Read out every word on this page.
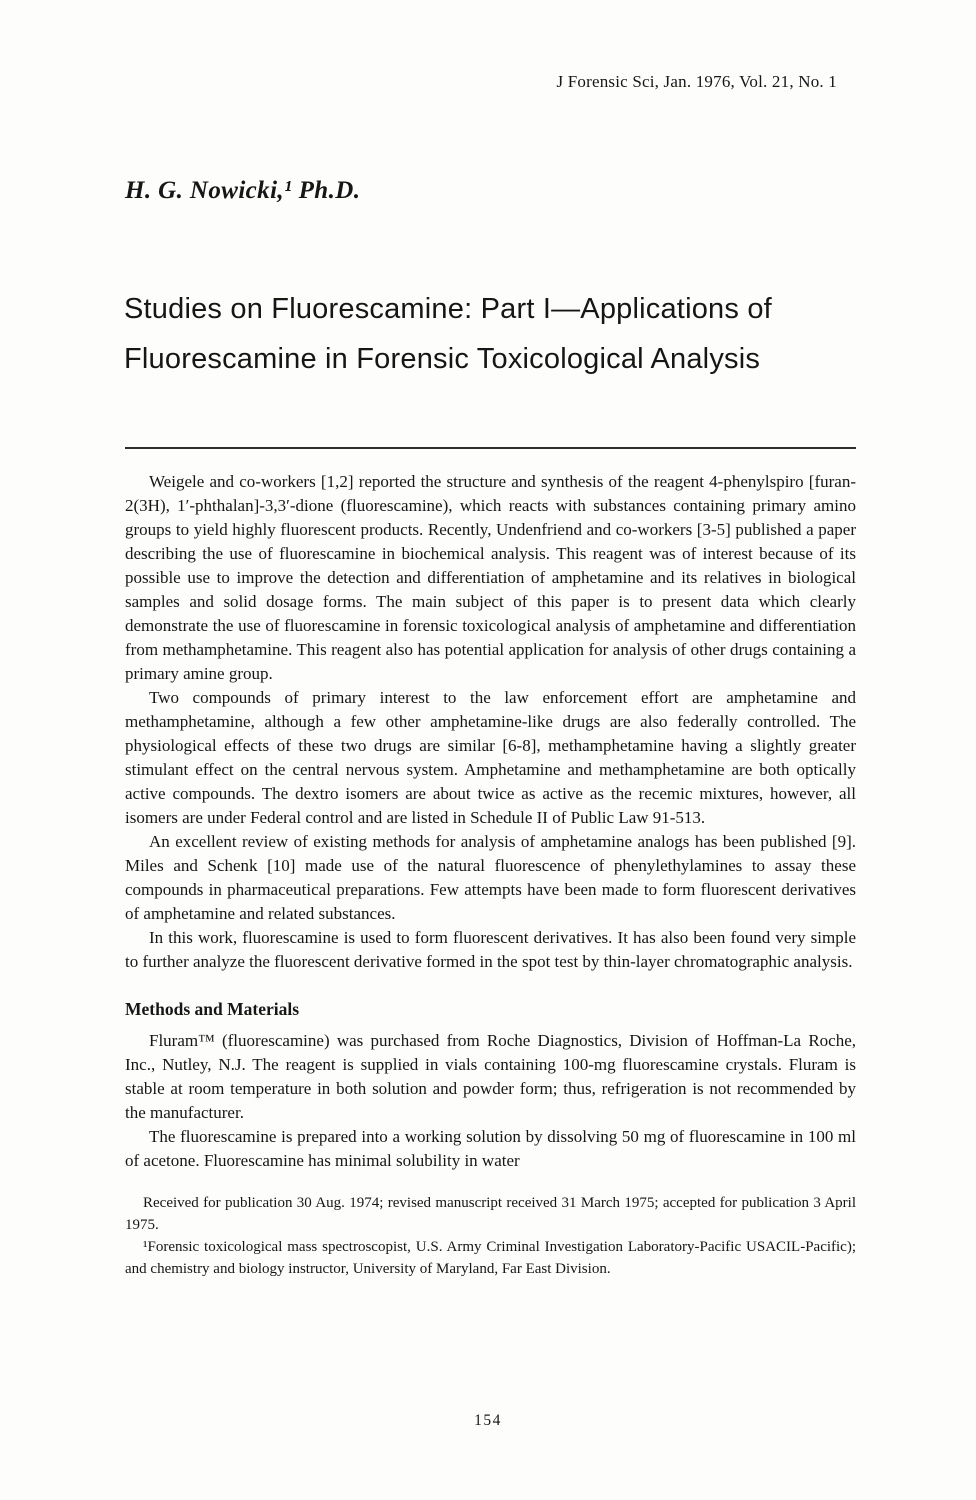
J Forensic Sci, Jan. 1976, Vol. 21, No. 1
H. G. Nowicki,¹ Ph.D.
Studies on Fluorescamine: Part I—Applications of
Fluorescamine in Forensic Toxicological Analysis

Weigele and co-workers [1,2] reported the structure and synthesis of the reagent 4-phenylspiro [furan-2(3H), 1′-phthalan]-3,3′-dione (fluorescamine), which reacts with substances containing primary amino groups to yield highly fluorescent products. Recently, Undenfriend and co-workers [3-5] published a paper describing the use of fluorescamine in biochemical analysis. This reagent was of interest because of its possible use to improve the detection and differentiation of amphetamine and its relatives in biological samples and solid dosage forms. The main subject of this paper is to present data which clearly demonstrate the use of fluorescamine in forensic toxicological analysis of amphetamine and differentiation from methamphetamine. This reagent also has potential application for analysis of other drugs containing a primary amine group.

Two compounds of primary interest to the law enforcement effort are amphetamine and methamphetamine, although a few other amphetamine-like drugs are also federally controlled. The physiological effects of these two drugs are similar [6-8], methamphetamine having a slightly greater stimulant effect on the central nervous system. Amphetamine and methamphetamine are both optically active compounds. The dextro isomers are about twice as active as the recemic mixtures, however, all isomers are under Federal control and are listed in Schedule II of Public Law 91-513.

An excellent review of existing methods for analysis of amphetamine analogs has been published [9]. Miles and Schenk [10] made use of the natural fluorescence of phenylethylamines to assay these compounds in pharmaceutical preparations. Few attempts have been made to form fluorescent derivatives of amphetamine and related substances.

In this work, fluorescamine is used to form fluorescent derivatives. It has also been found very simple to further analyze the fluorescent derivative formed in the spot test by thin-layer chromatographic analysis.

Methods and Materials

Fluram™ (fluorescamine) was purchased from Roche Diagnostics, Division of Hoffman-La Roche, Inc., Nutley, N.J. The reagent is supplied in vials containing 100-mg fluorescamine crystals. Fluram is stable at room temperature in both solution and powder form; thus, refrigeration is not recommended by the manufacturer.

The fluorescamine is prepared into a working solution by dissolving 50 mg of fluorescamine in 100 ml of acetone. Fluorescamine has minimal solubility in water

Received for publication 30 Aug. 1974; revised manuscript received 31 March 1975; accepted for publication 3 April 1975.

¹Forensic toxicological mass spectroscopist, U.S. Army Criminal Investigation Laboratory-Pacific USACIL-Pacific); and chemistry and biology instructor, University of Maryland, Far East Division.

154
